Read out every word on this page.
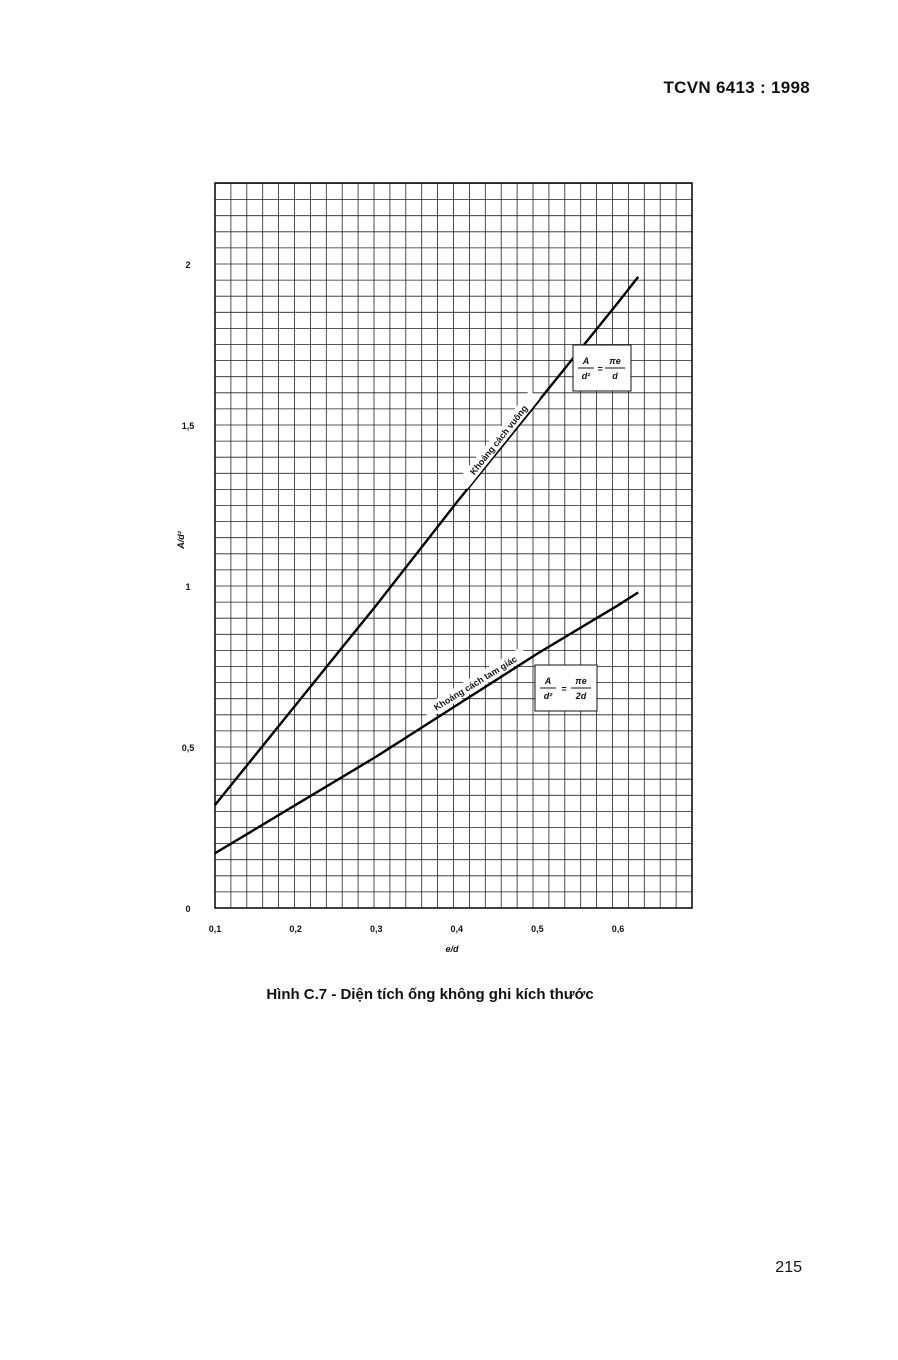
TCVN 6413 : 1998
0,1	0,2	0,3	0,4	0,5	0,6
0
0,5
1
1,5
2
e/d
A/d²
Khoảng cách vuông
A
d²
=
πe
d
Khoảng cách tam giác	A
d²
=
πe
2d
Hình C.7 - Diện tích ống không ghi kích thước
215
